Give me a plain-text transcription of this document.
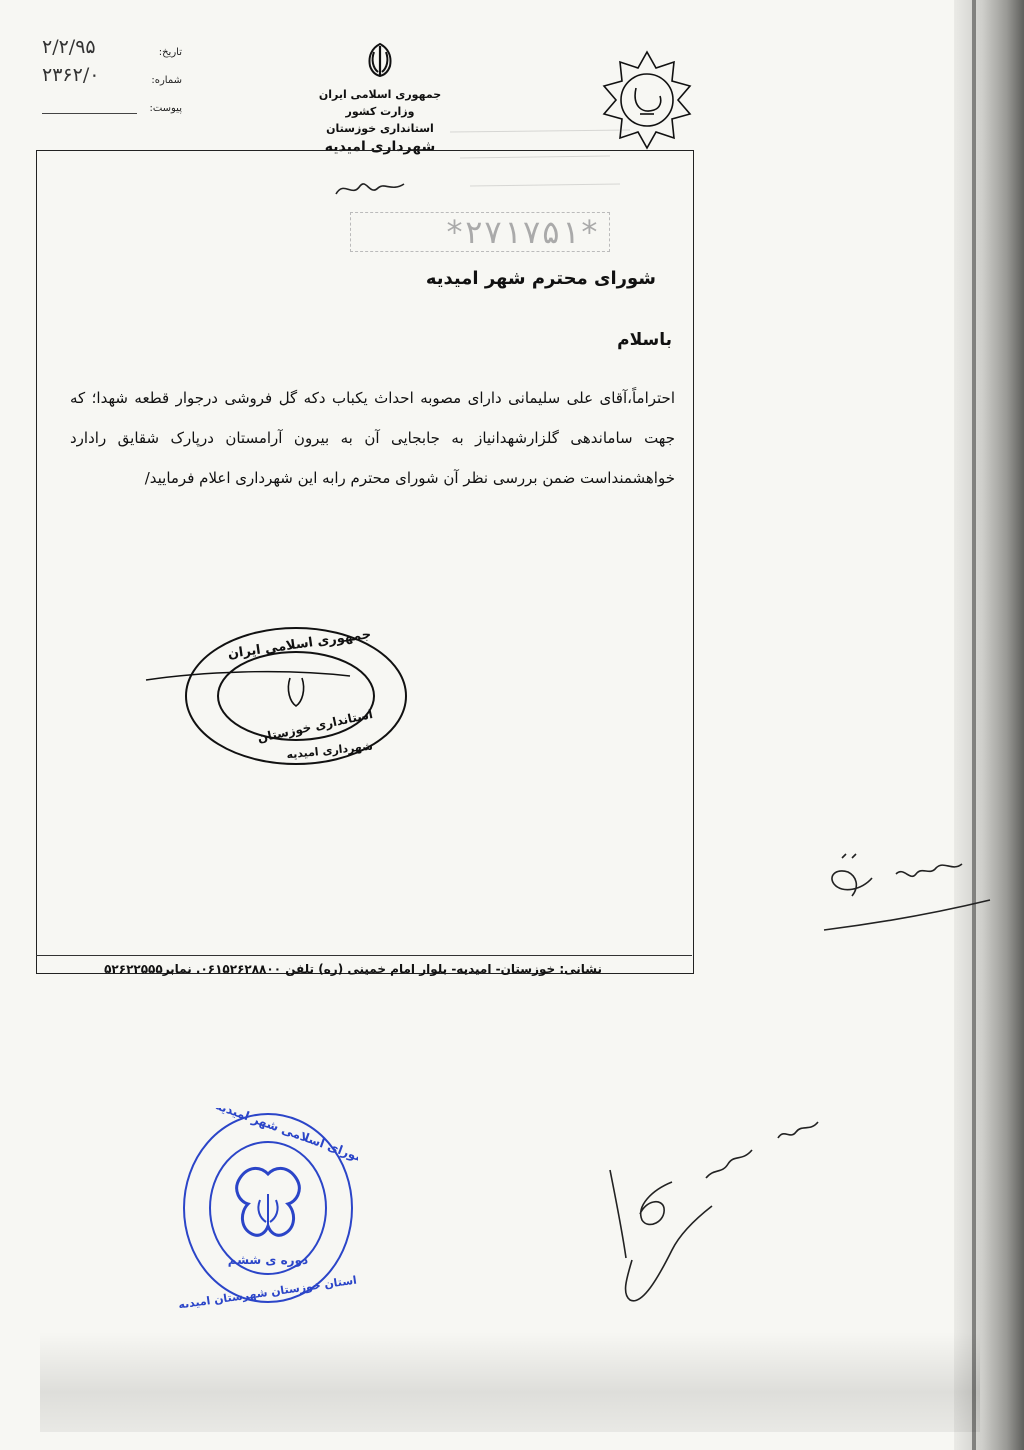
تاریخ:
۲/۲/۹۵
شماره:
۲۳۶۲/۰
پیوست:
جمهوری اسلامی ایران
وزارت کشور
استانداری خوزستان
شهرداری امیدیه
*۲۷۱۷۵۱*
شورای محترم شهر امیدیه
باسلام
احتراماً،آقای علی سلیمانی دارای مصوبه احداث یکباب دکه گل فروشی درجوار قطعه شهدا؛ که جهت ساماندهی گلزارشهدانیاز به جابجایی آن به بیرون آرامستان درپارک شقایق رادارد خواهشمنداست ضمن بررسی نظر آن شورای محترم رابه این شهرداری اعلام فرمایید/
جمهوری اسلامی ایران
استانداری خوزستان
شهرداری امیدیه
نشانی: خوزستان- امیدیه- بلوار امام خمینی (ره) تلفن ۰۶۱۵۲۶۲۸۸۰۰. نمابر۵۲۶۲۲۵۵۵
شورای اسلامی شهر امیدیه
دوره ی ششم
استان خوزستان شهرستان امیدیه
